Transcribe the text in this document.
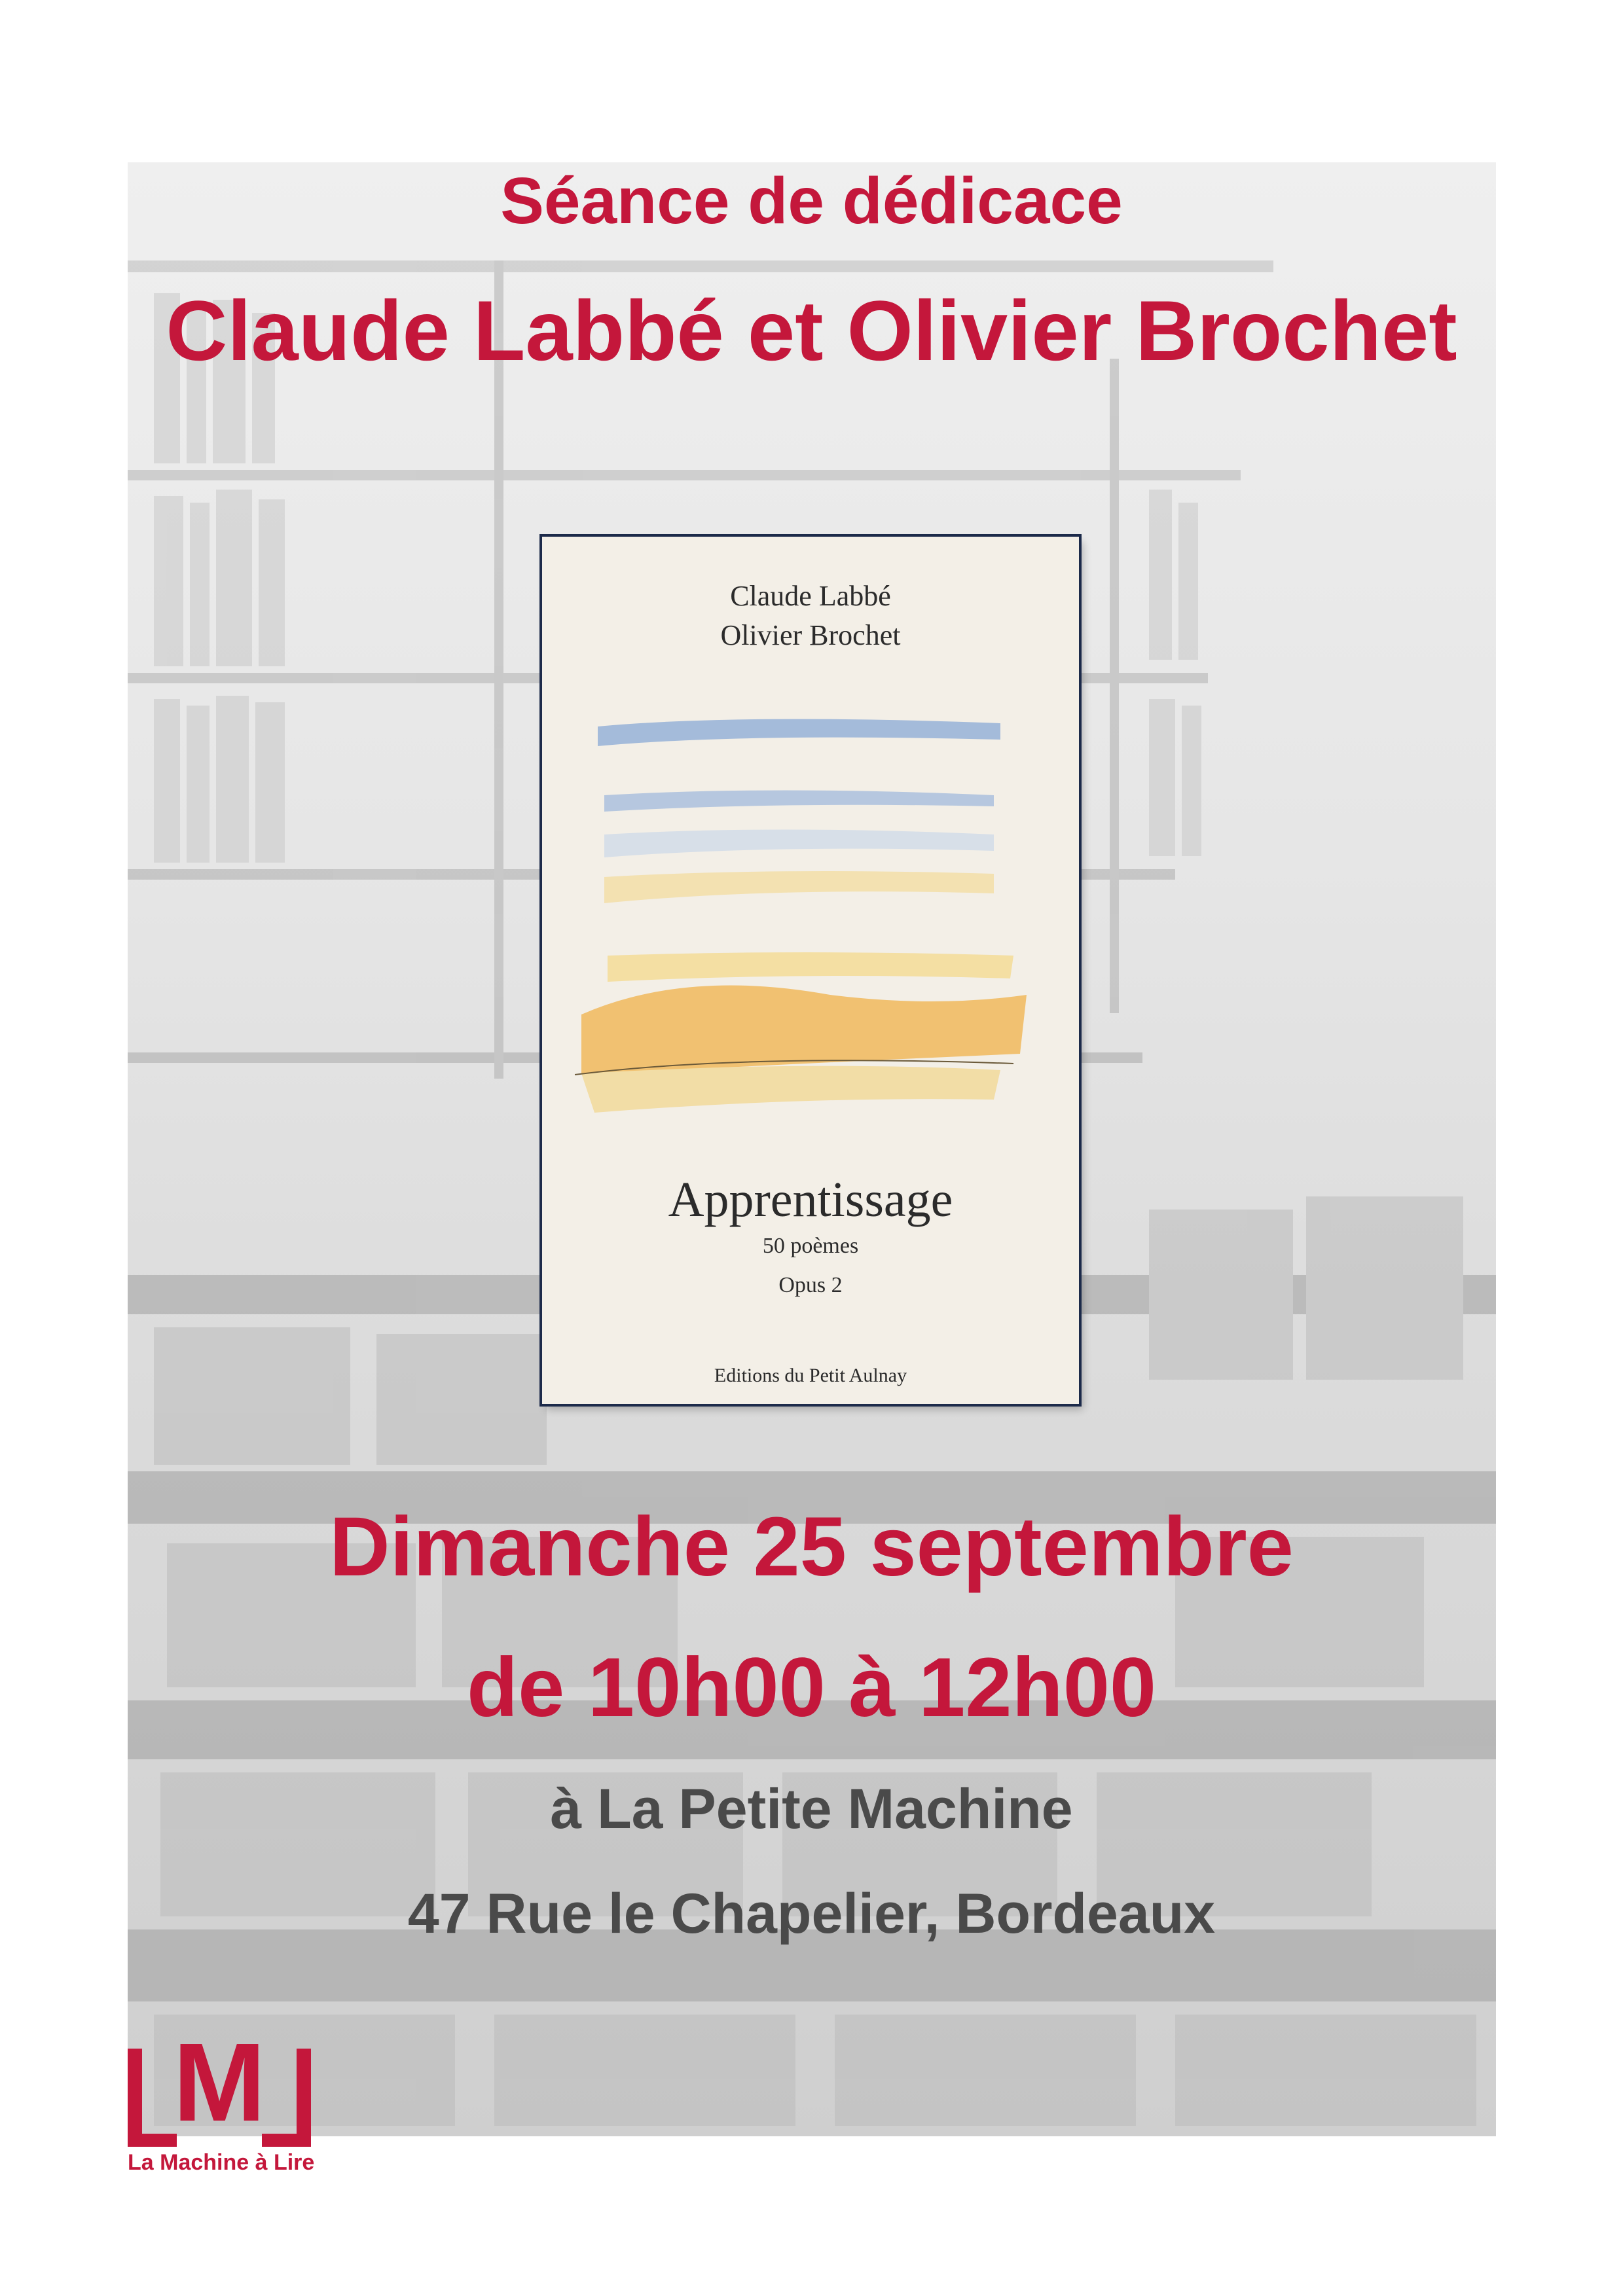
Séance de dédicace
Claude Labbé et Olivier Brochet
Claude Labbé
Olivier Brochet
Apprentissage
50 poèmes
Opus 2
Editions du Petit Aulnay
Dimanche 25 septembre
de 10h00 à 12h00
à La Petite Machine
47 Rue le Chapelier, Bordeaux
M
La Machine à Lire
